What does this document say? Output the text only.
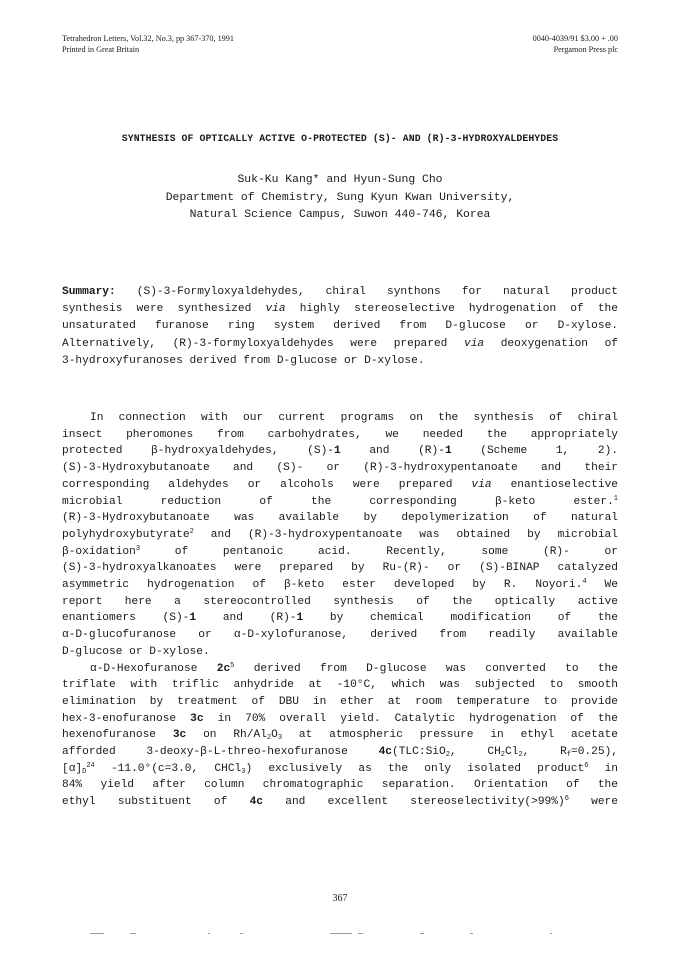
Tetrahedron Letters, Vol.32, No.3, pp 367-370, 1991
Printed in Great Britain
0040-4039/91 $3.00 + .00
Pergamon Press plc
SYNTHESIS OF OPTICALLY ACTIVE O-PROTECTED (S)- AND (R)-3-HYDROXYALDEHYDES
Suk-Ku Kang* and Hyun-Sung Cho
Department of Chemistry, Sung Kyun Kwan University,
Natural Science Campus, Suwon 440-746, Korea
Summary: (S)-3-Formyloxyaldehydes, chiral synthons for natural product
synthesis were synthesized via highly stereoselective hydrogenation of the
unsaturated furanose ring system derived from D-glucose or D-xylose.
Alternatively, (R)-3-formyloxyaldehydes were prepared via deoxygenation of
3-hydroxyfuranoses derived from D-glucose or D-xylose.
In connection with our current programs on the synthesis of chiral
insect pheromones from carbohydrates, we needed the appropriately
protected β-hydroxyaldehydes, (S)-1 and (R)-1 (Scheme 1, 2).
(S)-3-Hydroxybutanoate and (S)- or (R)-3-hydroxypentanoate and their
corresponding aldehydes or alcohols were prepared via enantioselective
microbial reduction of the corresponding β-keto ester.$^1$
(R)-3-Hydroxybutanoate was available by depolymerization of natural
polyhydroxybutyrate$^2$ and (R)-3-hydroxypentanoate was obtained by microbial
β-oxidation$^3$ of pentanoic acid. Recently, some (R)- or
(S)-3-hydroxyalkanoates were prepared by Ru-(R)- or (S)-BINAP catalyzed
asymmetric hydrogenation of β-keto ester developed by R. Noyori.$^4$ We
report here a stereocontrolled synthesis of the optically active
enantiomers (S)-1 and (R)-1 by chemical modification of the
α-D-glucofuranose or α-D-xylofuranose, derived from readily available
D-glucose or D-xylose.
α-D-Hexofuranose $2c^5$ derived from D-glucose was converted to the
triflate with triflic anhydride at -10°C, which was subjected to smooth
elimination by treatment of DBU in ether at room temperature to provide
hex-3-enofuranose 3c in 70% overall yield. Catalytic hydrogenation of the
hexenofuranose 3c on $Rh/Al_2O_3$ at atmospheric pressure in ethyl acetate
afforded 3-deoxy-β-L-threo-hexofuranose 4c(TLC:SiO$_2$, $CH_2Cl_2$, $R_f=0.25$),
$[\alpha]_D^{24}$ -11.0°(c=3.0, CHCl$_3$) exclusively as the only isolated product$^6$ in
84% yield after column chromatographic separation. Orientation of the
ethyl substituent of 4c and excellent stereoselectivity(>99%)$^6$ were
367
